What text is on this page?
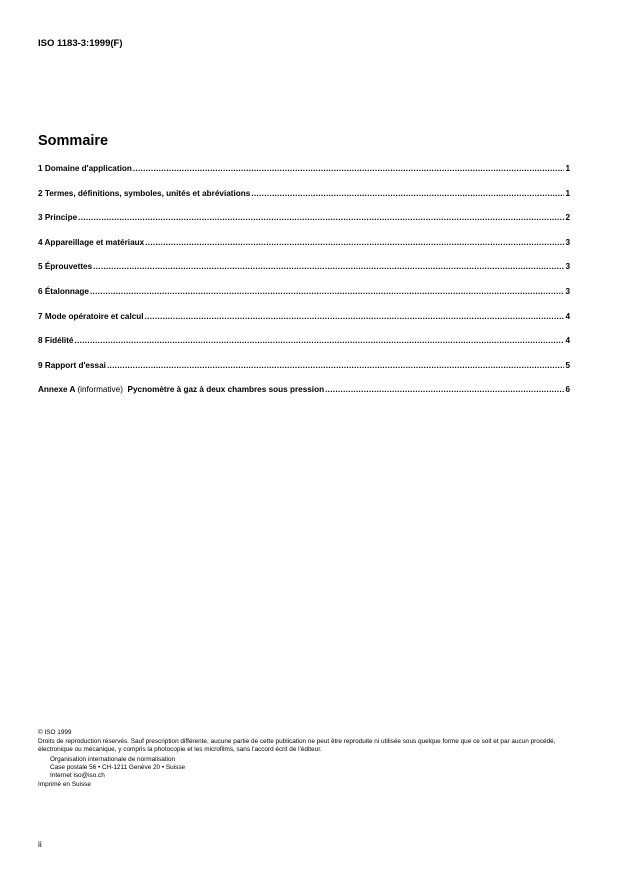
ISO 1183-3:1999(F)
Sommaire
1 Domaine d'application .....	1
2 Termes, définitions, symboles, unités et abréviations .....	1
3 Principe .....	2
4 Appareillage et matériaux .....	3
5 Éprouvettes .....	3
6 Étalonnage .....	3
7 Mode opératoire et calcul .....	4
8 Fidélité .....	4
9 Rapport d'essai .....	5
Annexe A (informative) Pycnomètre à gaz à deux chambres sous pression .....	6
© ISO 1999
Droits de reproduction réservés. Sauf prescription différente, aucune partie de cette publication ne peut être reproduite ni utilisée sous quelque forme que ce soit et par aucun procédé, électronique ou mécanique, y compris la photocopie et les microfilms, sans l'accord écrit de l'éditeur.
Organisation internationale de normalisation
Case postale 56 • CH-1211 Genève 20 • Suisse
Internet iso@iso.ch
Imprimé en Suisse
ii
